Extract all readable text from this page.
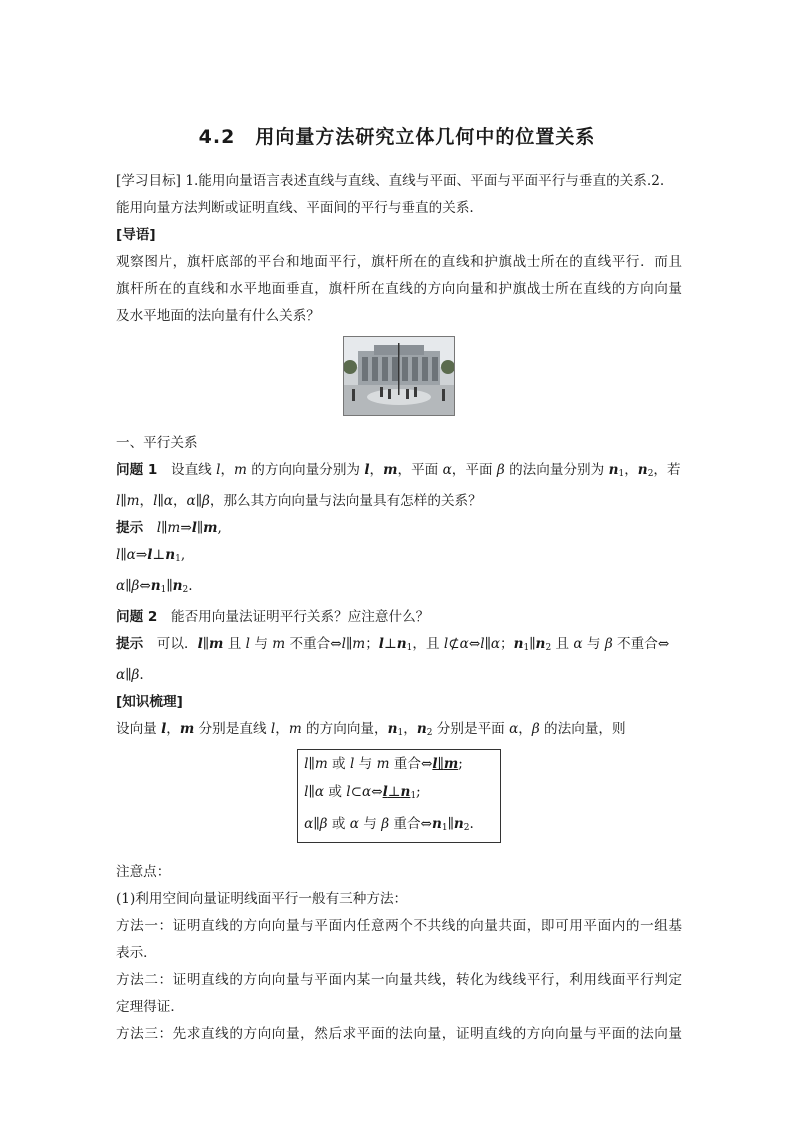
4.2　用向量方法研究立体几何中的位置关系
[学习目标] 1.能用向量语言表述直线与直线、直线与平面、平面与平面平行与垂直的关系.2.
能用向量方法判断或证明直线、平面间的平行与垂直的关系.
[导语]
观察图片，旗杆底部的平台和地面平行，旗杆所在的直线和护旗战士所在的直线平行．而且
旗杆所在的直线和水平地面垂直，旗杆所在直线的方向向量和护旗战士所在直线的方向向量
及水平地面的法向量有什么关系？
一、平行关系
问题 1　设直线 l，m 的方向向量分别为 l，m，平面 α，平面 β 的法向量分别为 $n_1$，$n_2$，若
l∥m，l∥α，α∥β，那么其方向向量与法向量具有怎样的关系？
提示　 l∥m⇒l∥m,
$l\parallel\alpha\Rightarrow l\perp n_1$,
$\alpha\parallel\beta\Leftrightarrow n_1\parallel n_2$.
问题 2　 能否用向量法证明平行关系？应注意什么？
提示　 可以．l∥m 且 l 与 m 不重合⇔l∥m；$l\perp n_1$，且 l⊄α⇔l∥α；$n_1\parallel n_2$ 且 α 与 β 不重合⇔
α∥β.
[知识梳理]
设向量 l，m 分别是直线 l，m 的方向向量，$n_1$，$n_2$ 分别是平面 α，β 的法向量，则
l∥m 或 l 与 m 重合⇔l∥m;
l∥α 或 $l\subset\alpha\Leftrightarrow l\perp n_1$;
α∥β 或 α 与 β 重合$\Leftrightarrow n_1\parallel n_2$.
注意点：
(1)利用空间向量证明线面平行一般有三种方法：
方法一：证明直线的方向向量与平面内任意两个不共线的向量共面，即可用平面内的一组基
表示．
方法二：证明直线的方向向量与平面内某一向量共线，转化为线线平行，利用线面平行判定
定理得证．
方法三：先求直线的方向向量，然后求平面的法向量，证明直线的方向向量与平面的法向量
